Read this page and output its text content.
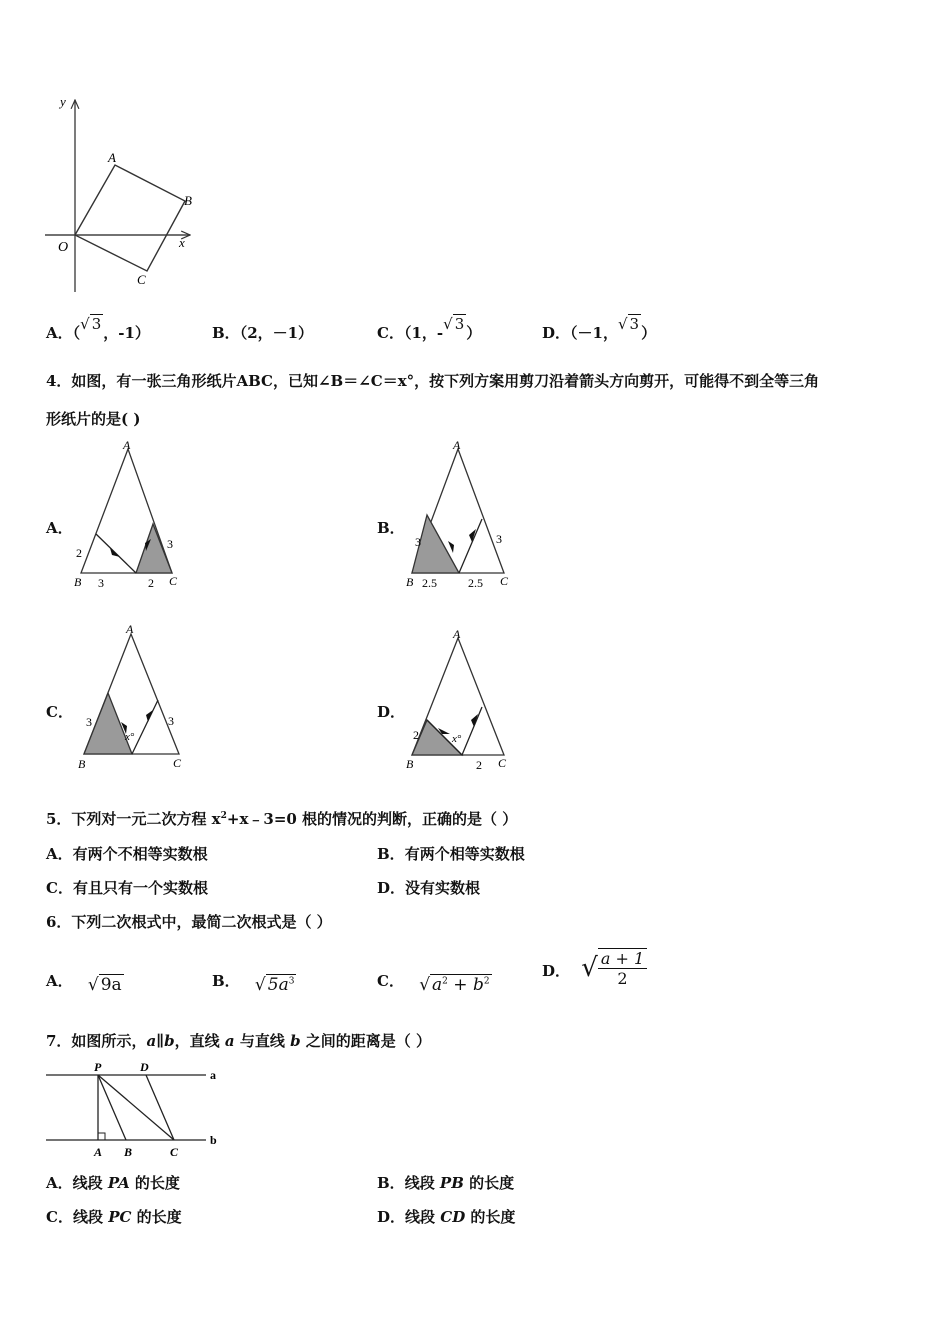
y
x
O
A
B
C
A．（√ 3 ，-1）	B．（2，－1）	C．（1，-√ 3 ）	D．（－1，√ 3 ）
4．如图，有一张三角形纸片ABC，已知∠B＝∠C＝x°，按下列方案用剪刀沿着箭头方向剪开，可能得不到全等三角
形纸片的是( )
A．
A
B	C
2
3	2
3
B．
A
B	C
3
2.5	2.5
3
C．
A
B	C
3	3
x°
D．
A
B	C
2
2
x°
5．下列对一元二次方程 $x^2+x﹣3=0$ 根的情况的判断，正确的是（ ）
A．有两个不相等实数根	B．有两个相等实数根
C．有且只有一个实数根	D．没有实数根
6．下列二次根式中，最简二次根式是（ ）
A． √ 9a	B． √ $5a^3$	C． √ $a^2 + b^2$
D． √ $\frac{a + 1}{2}$
7．如图所示，a∥b，直线 a 与直线 b 之间的距离是（ ）
P	D
A B	C
a
b
A．线段 PA 的长度	B．线段 PB 的长度
C．线段 PC 的长度	D．线段 CD 的长度
